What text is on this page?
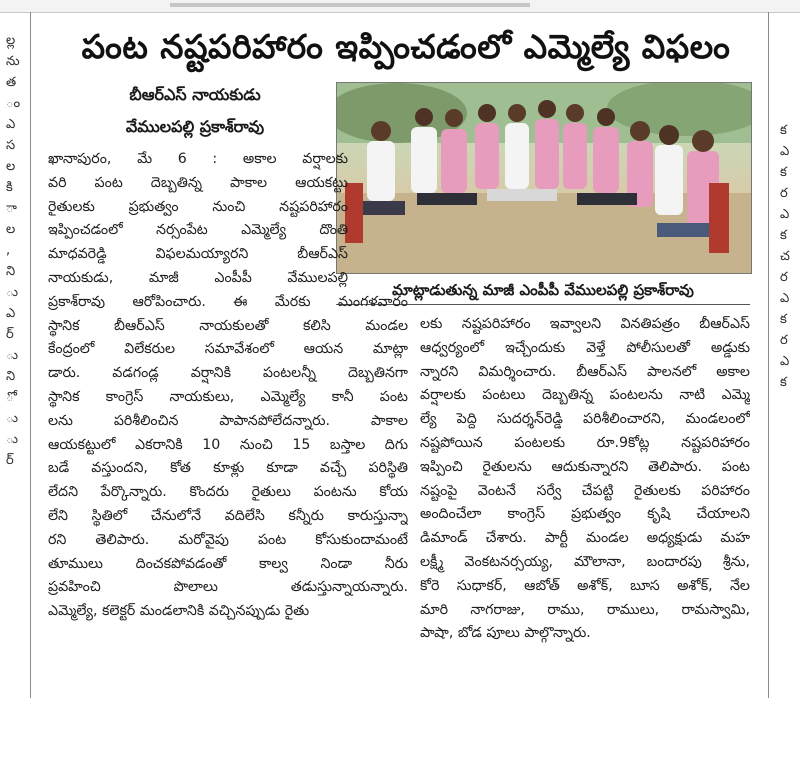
ల్ల
ను
త
ం
ఎ
స
ల
కి
ా
ల
,
ని
ు
ఎ
ర్
ు
ని
ో
ు
ు
ర్
క
ఎ
క
ర
ఎ
క
చ
ర
ఎ
క
ర
ఎ
క
పంట నష్టపరిహారం ఇప్పించడంలో ఎమ్మెల్యే విఫలం
బీఆర్ఎస్ నాయకుడు
వేములపల్లి ప్రకాశ్‌రావు
మాట్లాడుతున్న మాజీ ఎంపీపీ వేములపల్లి ప్రకాశ్‌రావు
ఖానాపురం, మే 6 : అకాల వర్షాలకు
వరి పంట దెబ్బతిన్న పాకాల ఆయకట్టు
రైతులకు ప్రభుత్వం నుంచి నష్టపరిహారం
ఇప్పించడంలో నర్సంపేట ఎమ్మెల్యే దొంతి
మాధవరెడ్డి విఫలమయ్యారని బీఆర్ఎస్
నాయకుడు, మాజీ ఎంపీపీ వేములపల్లి
ప్రకాశ్‌రావు ఆరోపించారు. ఈ మేరకు మంగళవారం
స్థానిక బీఆర్ఎస్ నాయకులతో కలిసి మండల
కేంద్రంలో విలేకరుల సమావేశంలో ఆయన మాట్లా
డారు. వడగండ్ల వర్షానికి పంటలన్నీ దెబ్బతినగా
స్థానిక కాంగ్రెస్ నాయకులు, ఎమ్మెల్యే కానీ పంట
లను పరిశీలించిన పాపానపోలేదన్నారు. పాకాల
ఆయకట్టులో ఎకరానికి 10 నుంచి 15 బస్తాల దిగు
బడే వస్తుందని, కోత కూళ్లు కూడా వచ్చే పరిస్థితి
లేదని పేర్కొన్నారు. కొందరు రైతులు పంటను కోయ
లేని స్థితిలో చేనులోనే వదిలేసి కన్నీరు కారుస్తున్నా
రని తెలిపారు. మరోవైపు పంట కోసుకుందామంటే
తూములు దించకపోవడంతో కాల్వ నిండా నీరు
ప్రవహించి పొలాలు తడుస్తున్నాయన్నారు.
ఎమ్మెల్యే, కలెక్టర్ మండలానికి వచ్చినప్పుడు రైతు
లకు నష్టపరిహారం ఇవ్వాలని వినతిపత్రం బీఆర్ఎస్
ఆధ్వర్యంలో ఇచ్చేందుకు వెళ్తే పోలీసులతో అడ్డుకు
న్నారని విమర్శించారు. బీఆర్ఎస్ పాలనలో అకాల
వర్షాలకు పంటలు దెబ్బతిన్న పంటలను నాటి ఎమ్మె
ల్యే పెద్ది సుదర్శన్‌రెడ్డి పరిశీలించారని, మండలంలో
నష్టపోయిన పంటలకు రూ.9కోట్ల నష్టపరిహారం
ఇప్పించి రైతులను ఆదుకున్నారని తెలిపారు. పంట
నష్టంపై వెంటనే సర్వే చేపట్టి రైతులకు పరిహారం
అందించేలా కాంగ్రెస్ ప్రభుత్వం కృషి చేయాలని
డిమాండ్ చేశారు. పార్టీ మండల అధ్యక్షుడు మహ
లక్ష్మీ వెంకటనర్సయ్య, మౌలానా, బందారపు శ్రీను,
కోరె సుధాకర్, ఆబోత్ అశోక్, బూస అశోక్, నేల
మారి నాగరాజు, రాము, రాములు, రామస్వామి,
పాషా, బోడ పూలు పాల్గొన్నారు.
